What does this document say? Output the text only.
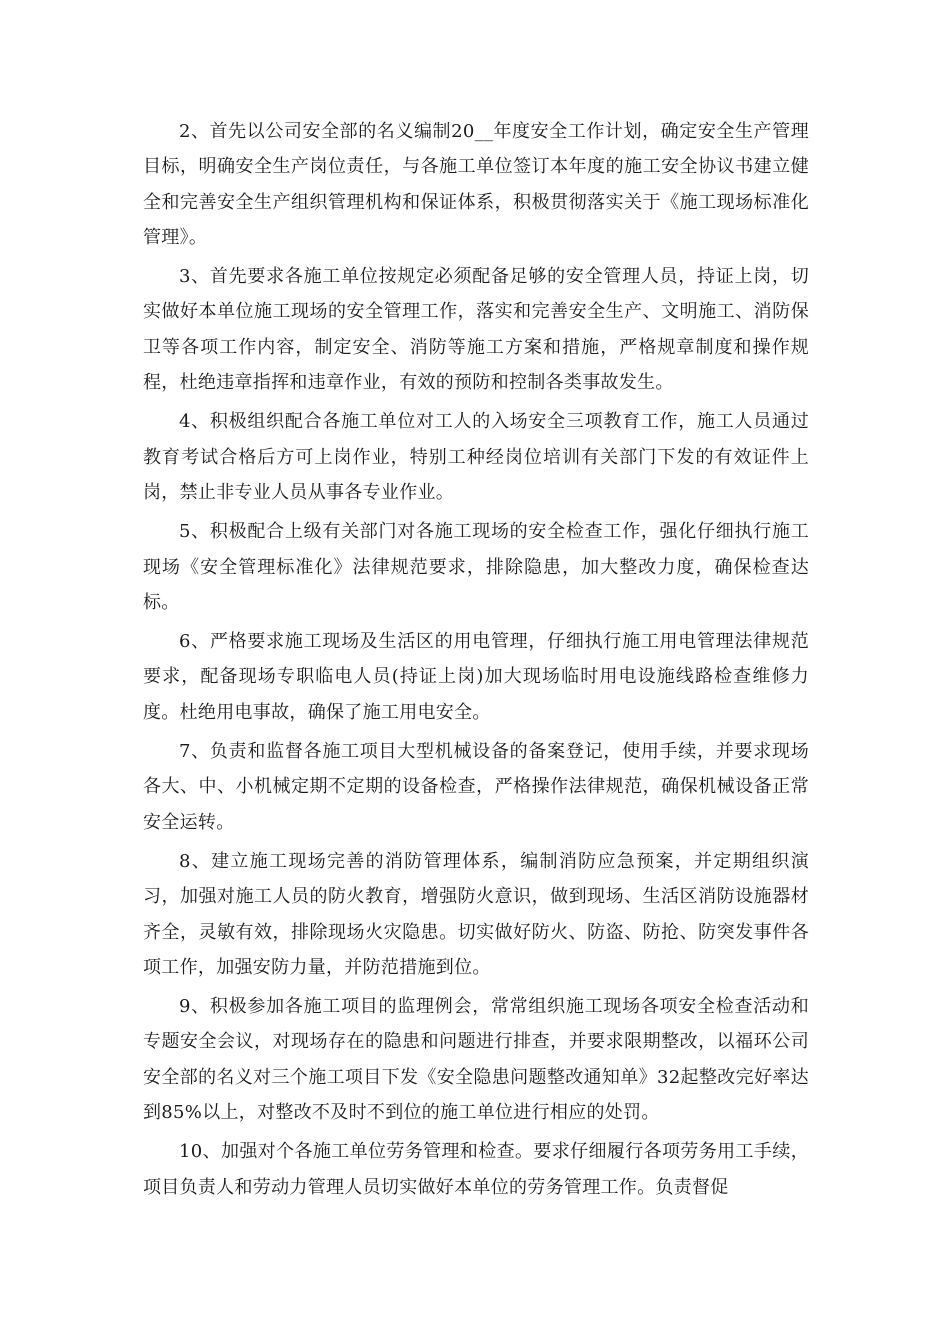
2、首先以公司安全部的名义编制20__年度安全工作计划，确定安全生产管理目标，明确安全生产岗位责任，与各施工单位签订本年度的施工安全协议书建立健全和完善安全生产组织管理机构和保证体系，积极贯彻落实关于《施工现场标准化管理》。

3、首先要求各施工单位按规定必须配备足够的安全管理人员，持证上岗，切实做好本单位施工现场的安全管理工作，落实和完善安全生产、文明施工、消防保卫等各项工作内容，制定安全、消防等施工方案和措施，严格规章制度和操作规程，杜绝违章指挥和违章作业，有效的预防和控制各类事故发生。

4、积极组织配合各施工单位对工人的入场安全三项教育工作，施工人员通过教育考试合格后方可上岗作业，特别工种经岗位培训有关部门下发的有效证件上岗，禁止非专业人员从事各专业作业。

5、积极配合上级有关部门对各施工现场的安全检查工作，强化仔细执行施工现场《安全管理标准化》法律规范要求，排除隐患，加大整改力度，确保检查达标。

6、严格要求施工现场及生活区的用电管理，仔细执行施工用电管理法律规范要求，配备现场专职临电人员(持证上岗)加大现场临时用电设施线路检查维修力度。杜绝用电事故，确保了施工用电安全。

7、负责和监督各施工项目大型机械设备的备案登记，使用手续，并要求现场各大、中、小机械定期不定期的设备检查，严格操作法律规范，确保机械设备正常安全运转。

8、建立施工现场完善的消防管理体系，编制消防应急预案，并定期组织演习，加强对施工人员的防火教育，增强防火意识，做到现场、生活区消防设施器材齐全，灵敏有效，排除现场火灾隐患。切实做好防火、防盗、防抢、防突发事件各项工作，加强安防力量，并防范措施到位。

9、积极参加各施工项目的监理例会，常常组织施工现场各项安全检查活动和专题安全会议，对现场存在的隐患和问题进行排查，并要求限期整改，以福环公司安全部的名义对三个施工项目下发《安全隐患问题整改通知单》32起整改完好率达到85%以上，对整改不及时不到位的施工单位进行相应的处罚。

10、加强对个各施工单位劳务管理和检查。要求仔细履行各项劳务用工手续，项目负责人和劳动力管理人员切实做好本单位的劳务管理工作。负责督促
